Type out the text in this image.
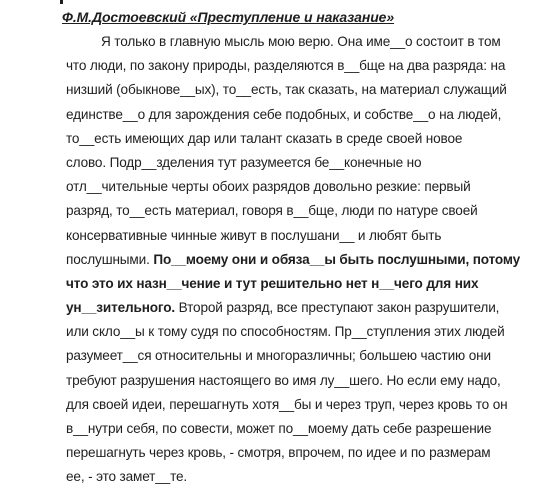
Ф.М.Достоевский «Преступление и наказание»
Я только в главную мысль мою верю. Она име__о состоит в том
что люди, по закону природы, разделяются в__бще на два разряда: на
низший (обыкнове__ых), то__есть, так сказать, на материал служащий
единстве__о для зарождения себе подобных, и собстве__о на людей,
то__есть имеющих дар или талант сказать в среде своей новое
слово. Подр__зделения тут разумеется бе__конечные но
отл__чительные черты обоих разрядов довольно резкие: первый
разряд, то__есть материал, говоря в__бще, люди по натуре своей
консервативные чинные живут в послушани__ и любят быть
послушными. По__моему они и обяза__ы быть послушными, потому
что это их назн__чение и тут решительно нет н__чего для них
ун__зительного. Второй разряд, все преступают закон разрушители,
или скло__ы к тому судя по способностям. Пр__ступления этих людей
разумеет__ся относительны и многоразличны; большею частию они
требуют разрушения настоящего во имя лу__шего. Но если ему надо,
для своей идеи, перешагнуть хотя__бы и через труп, через кровь то он
в__нутри себя, по совести, может по__моему дать себе разрешение
перешагнуть через кровь, - смотря, впрочем, по идее и по размерам
ее, - это замет__те.
